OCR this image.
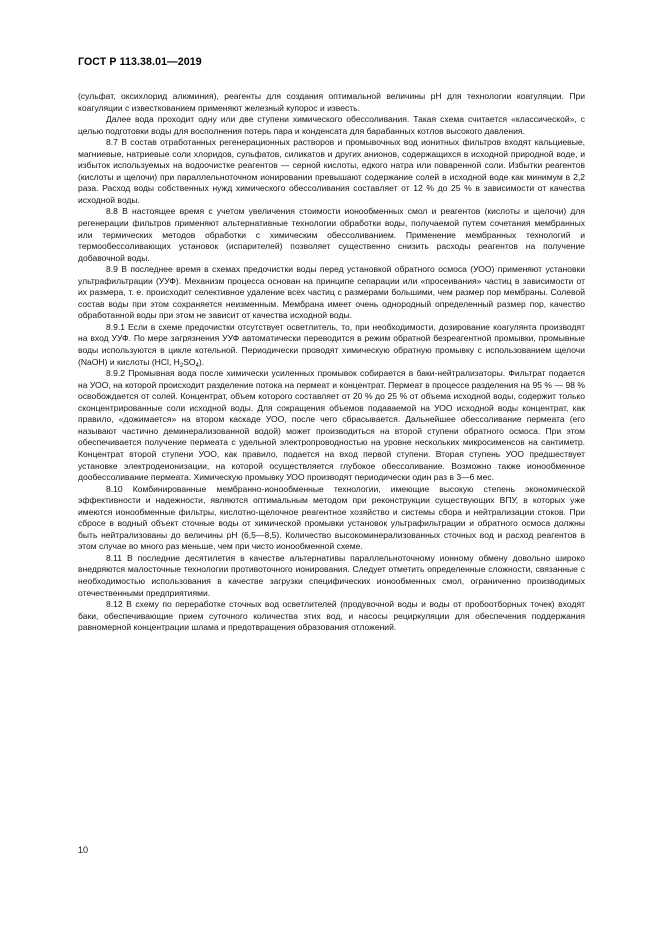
ГОСТ Р 113.38.01—2019

(сульфат, оксихлорид алюминия), реагенты для создания оптимальной величины pH для технологии коагуляции. При коагуляции с известкованием применяют железный купорос и известь.

Далее вода проходит одну или две ступени химического обессоливания. Такая схема считается «классической», с целью подготовки воды для восполнения потерь пара и конденсата для барабанных котлов высокого давления.

8.7 В состав отработанных регенерационных растворов и промывочных вод ионитных фильтров входят кальциевые, магниевые, натриевые соли хлоридов, сульфатов, силикатов и других анионов, содержащихся в исходной природной воде, и избыток используемых на водоочистке реагентов — серной кислоты, едкого натра или поваренной соли. Избытки реагентов (кислоты и щелочи) при параллельноточном ионировании превышают содержание солей в исходной воде как минимум в 2,2 раза. Расход воды собственных нужд химического обессоливания составляет от 12 % до 25 % в зависимости от качества исходной воды.

8.8 В настоящее время с учетом увеличения стоимости ионообменных смол и реагентов (кислоты и щелочи) для регенерации фильтров применяют альтернативные технологии обработки воды, получаемой путем сочетания мембранных или термических методов обработки с химическим обессоливанием. Применение мембранных технологий и термообессоливающих установок (испарителей) позволяет существенно снизить расходы реагентов на получение добавочной воды.

8.9 В последнее время в схемах предочистки воды перед установкой обратного осмоса (УОО) применяют установки ультрафильтрации (УУФ). Механизм процесса основан на принципе сепарации или «просеивания» частиц в зависимости от их размера, т. е. происходит селективное удаление всех частиц с размерами большими, чем размер пор мембраны. Солевой состав воды при этом сохраняется неизменным. Мембрана имеет очень однородный определенный размер пор, качество обработанной воды при этом не зависит от качества исходной воды.

8.9.1 Если в схеме предочистки отсутствует осветлитель, то, при необходимости, дозирование коагулянта производят на вход УУФ. По мере загрязнения УУФ автоматически переводится в режим обратной безреагентной промывки, промывные воды используются в цикле котельной. Периодически проводят химическую обратную промывку с использованием щелочи (NaOH) и кислоты (HCl, $H_2SO_4$).

8.9.2 Промывная вода после химически усиленных промывок собирается в баки-нейтрализаторы. Фильтрат подается на УОО, на которой происходит разделение потока на пермеат и концентрат. Пермеат в процессе разделения на 95 % — 98 % освобождается от солей. Концентрат, объем которого составляет от 20 % до 25 % от объема исходной воды, содержит только сконцентрированные соли исходной воды. Для сокращения объемов подаваемой на УОО исходной воды концентрат, как правило, «дожимается» на втором каскаде УОО, после чего сбрасывается. Дальнейшее обессоливание пермеата (его называют частично деминерализованной водой) может производиться на второй ступени обратного осмоса. При этом обеспечивается получение пермеата с удельной электропроводностью на уровне нескольких микросименсов на сантиметр. Концентрат второй ступени УОО, как правило, подается на вход первой ступени. Вторая ступень УОО предшествует установке электродеионизации, на которой осуществляется глубокое обессоливание. Возможно также ионообменное дообессоливание пермеата. Химическую промывку УОО производят периодически один раз в 3—6 мес.

8.10 Комбинированные мембранно-ионообменные технологии, имеющие высокую степень экономической эффективности и надежности, являются оптимальным методом при реконструкции существующих ВПУ, в которых уже имеются ионообменные фильтры, кислотно-щелочное реагентное хозяйство и системы сбора и нейтрализации стоков. При сбросе в водный объект сточные воды от химической промывки установок ультрафильтрации и обратного осмоса должны быть нейтрализованы до величины pH (6,5—8,5). Количество высокоминерализованных сточных вод и расход реагентов в этом случае во много раз меньше, чем при чисто ионообменной схеме.

8.11 В последние десятилетия в качестве альтернативы параллельноточному ионному обмену довольно широко внедряются малосточные технологии противоточного ионирования. Следует отметить определенные сложности, связанные с необходимостью использования в качестве загрузки специфических ионообменных смол, ограниченно производимых отечественными предприятиями.

8.12 В схему по переработке сточных вод осветлителей (продувочной воды и воды от пробоотборных точек) входят баки, обеспечивающие прием суточного количества этих вод, и насосы рециркуляции для обеспечения поддержания равномерной концентрации шлама и предотвращения образования отложений.

10
